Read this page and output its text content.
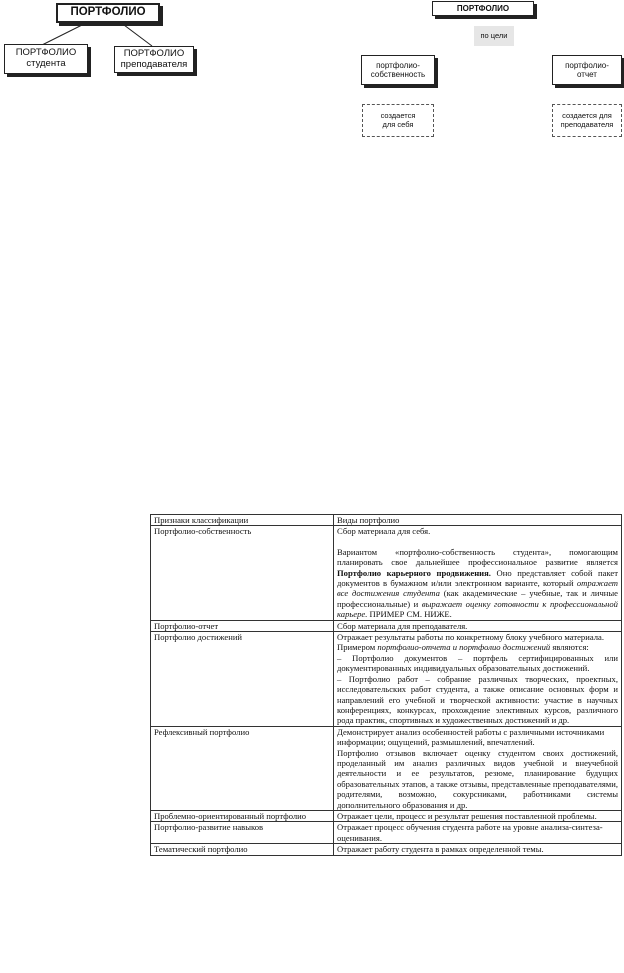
ПОРТФОЛИО
ПОРТФОЛИО
студента
ПОРТФОЛИО
преподавателя
ПОРТФОЛИО
по цели
портфолио-
собственность
портфолио-
отчет
создается
для себя
создается для
преподавателя
Признаки классификации	Виды портфолио
Портфолио-собственность	Сбор материала для себя.

Вариантом «портфолио-собственность студента», помогающим планировать свое дальнейшее профессиональное развитие является Портфолио карьерного продвижения. Оно представляет собой пакет документов в бумажном и/или электронном варианте, который отражает все достижения студента (как академические – учебные, так и личные профессиональные) и выражает оценку готовности к профессиональной карьере. ПРИМЕР СМ. НИЖЕ.

Портфолио-отчет	Сбор материала для преподавателя.
Портфолио достижений	Отражает результаты работы по конкретному блоку учебного материала.

Примером портфолио-отчета и портфолио достижений являются:

– Портфолио документов – портфель сертифицированных или документированных индивидуальных образовательных достижений.

– Портфолио работ – собрание различных творческих, проектных, исследовательских работ студента, а также описание основных форм и направлений его учебной и творческой активности: участие в научных конференциях, конкурсах, прохождение элективных курсов, различного рода практик, спортивных и художественных достижений и др.

Рефлексивный портфолио	Демонстрирует анализ особенностей работы с различными источниками информации; ощущений, размышлений, впечатлений.

Портфолио отзывов включает оценку студентом своих достижений, проделанный им анализ различных видов учебной и внеучебной деятельности и ее результатов, резюме, планирование будущих образовательных этапов, а также отзывы, представленные преподавателями, родителями, возможно, сокурсниками, работниками системы дополнительного образования и др.

Проблемно-ориентированный портфолио	Отражает цели, процесс и результат решения поставленной проблемы.
Портфолио-развитие навыков	Отражает процесс обучения студента работе на уровне анализа-синтеза-оценивания.
Тематический портфолио	Отражает работу студента в рамках определенной темы.
